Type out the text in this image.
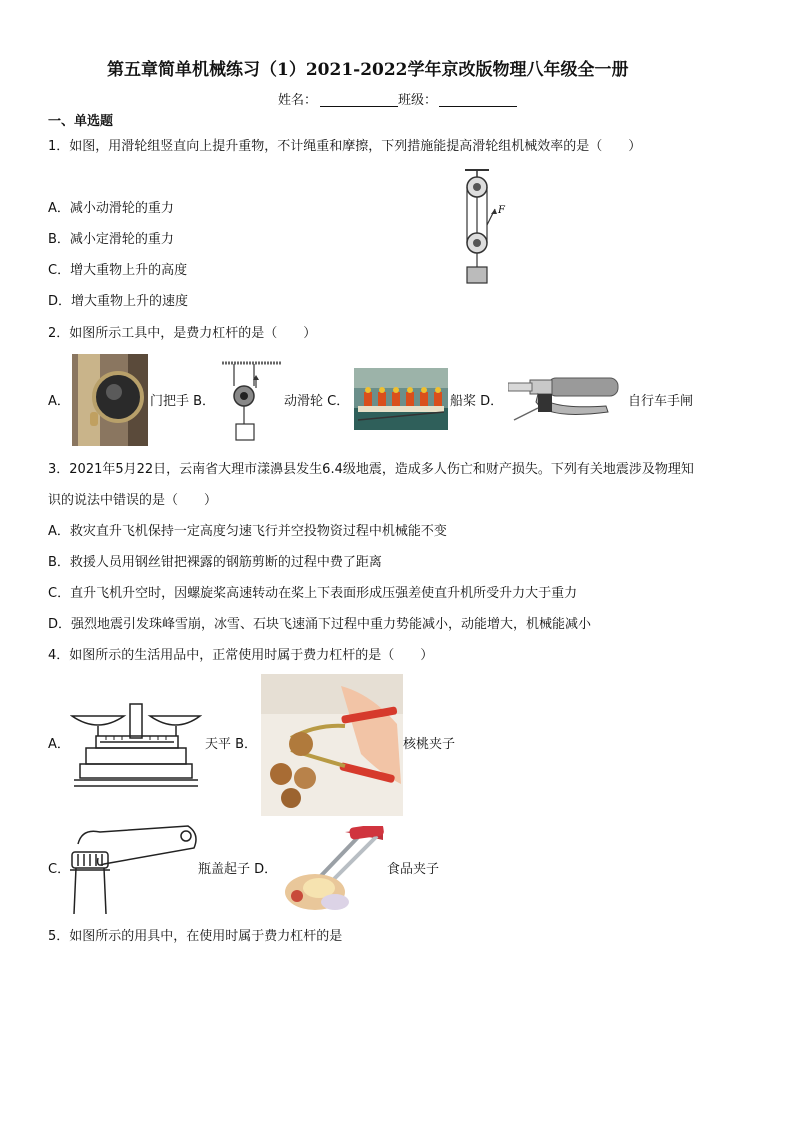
第五章简单机械练习（1）2021-2022学年京改版物理八年级全一册
姓名：	班级：
一、单选题
1．如图，用滑轮组竖直向上提升重物，不计绳重和摩擦，下列措施能提高滑轮组机械效率的是（　　）
A．减小动滑轮的重力
B．减小定滑轮的重力
C．增大重物上升的高度
D．增大重物上升的速度
F
2．如图所示工具中，是费力杠杆的是（　　）
A．	门把手 B．	动滑轮 C．	船桨 D．	自行车手闸
3．2021年5月22日，云南省大理市漾濞县发生6.4级地震，造成多人伤亡和财产损失。下列有关地震涉及物理知
识的说法中错误的是（　　）
A．救灾直升飞机保持一定高度匀速飞行并空投物资过程中机械能不变
B．救援人员用钢丝钳把裸露的钢筋剪断的过程中费了距离
C．直升飞机升空时，因螺旋桨高速转动在桨上下表面形成压强差使直升机所受升力大于重力
D．强烈地震引发珠峰雪崩，冰雪、石块飞速涌下过程中重力势能减小，动能增大，机械能减小
4．如图所示的生活用品中，正常使用时属于费力杠杆的是（　　）
A．	天平 B．	核桃夹子
C．	瓶盖起子 D．	食品夹子
5．如图所示的用具中，在使用时属于费力杠杆的是
